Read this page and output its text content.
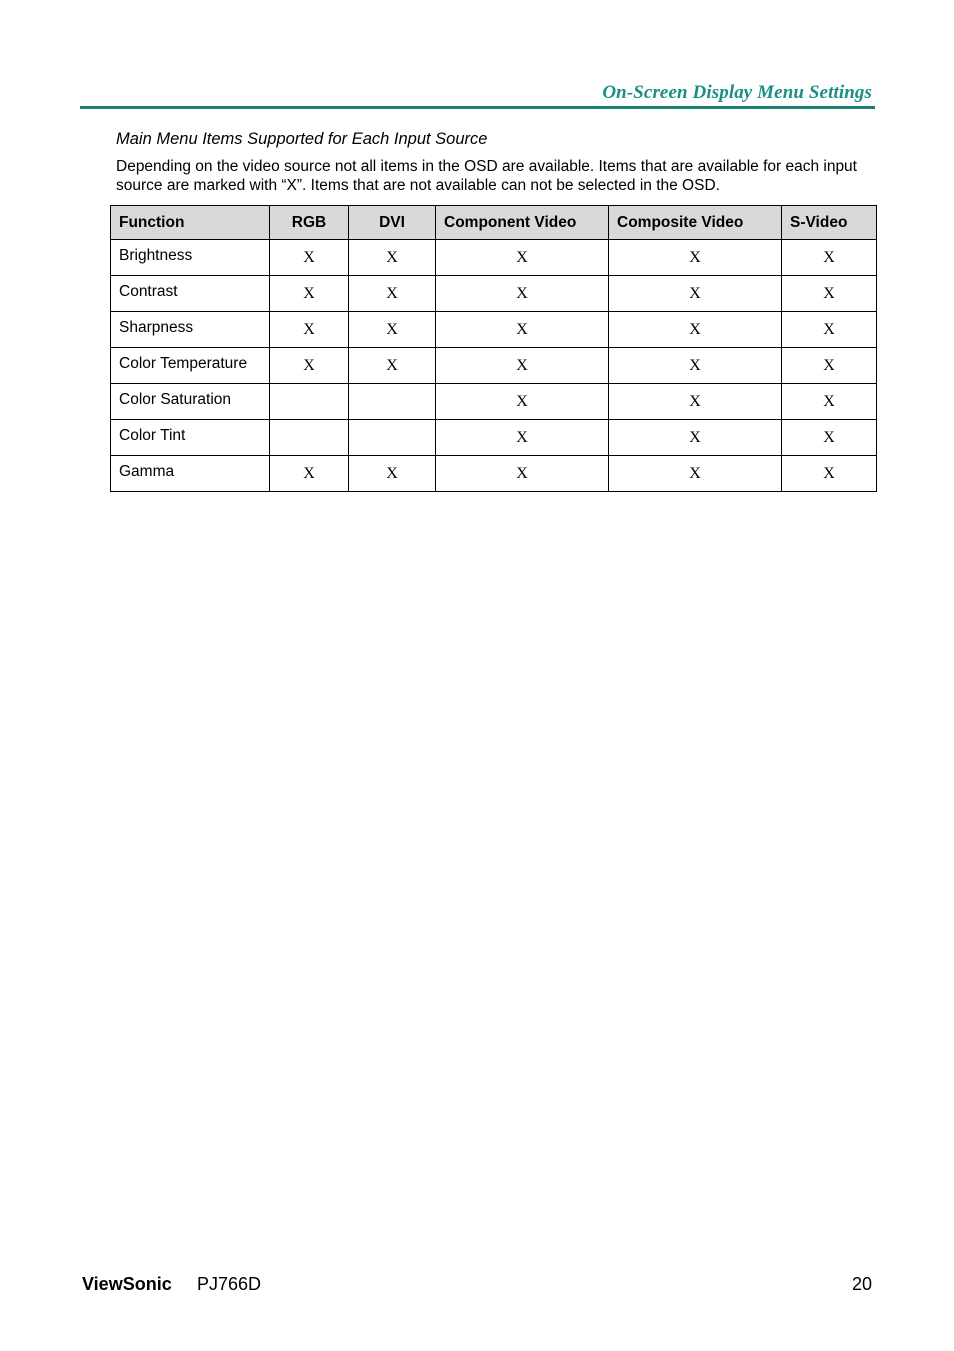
On-Screen Display Menu Settings
Main Menu Items Supported for Each Input Source
Depending on the video source not all items in the OSD are available. Items that are available for each input source are marked with “X”. Items that are not available can not be selected in the OSD.
Function	RGB	DVI	Component Video	Composite Video	S-Video
Brightness	X	X	X	X	X
Contrast	X	X	X	X	X
Sharpness	X	X	X	X	X
Color Temperature	X	X	X	X	X
Color Saturation			X	X	X
Color Tint			X	X	X
Gamma	X	X	X	X	X
ViewSonic PJ766D	20
